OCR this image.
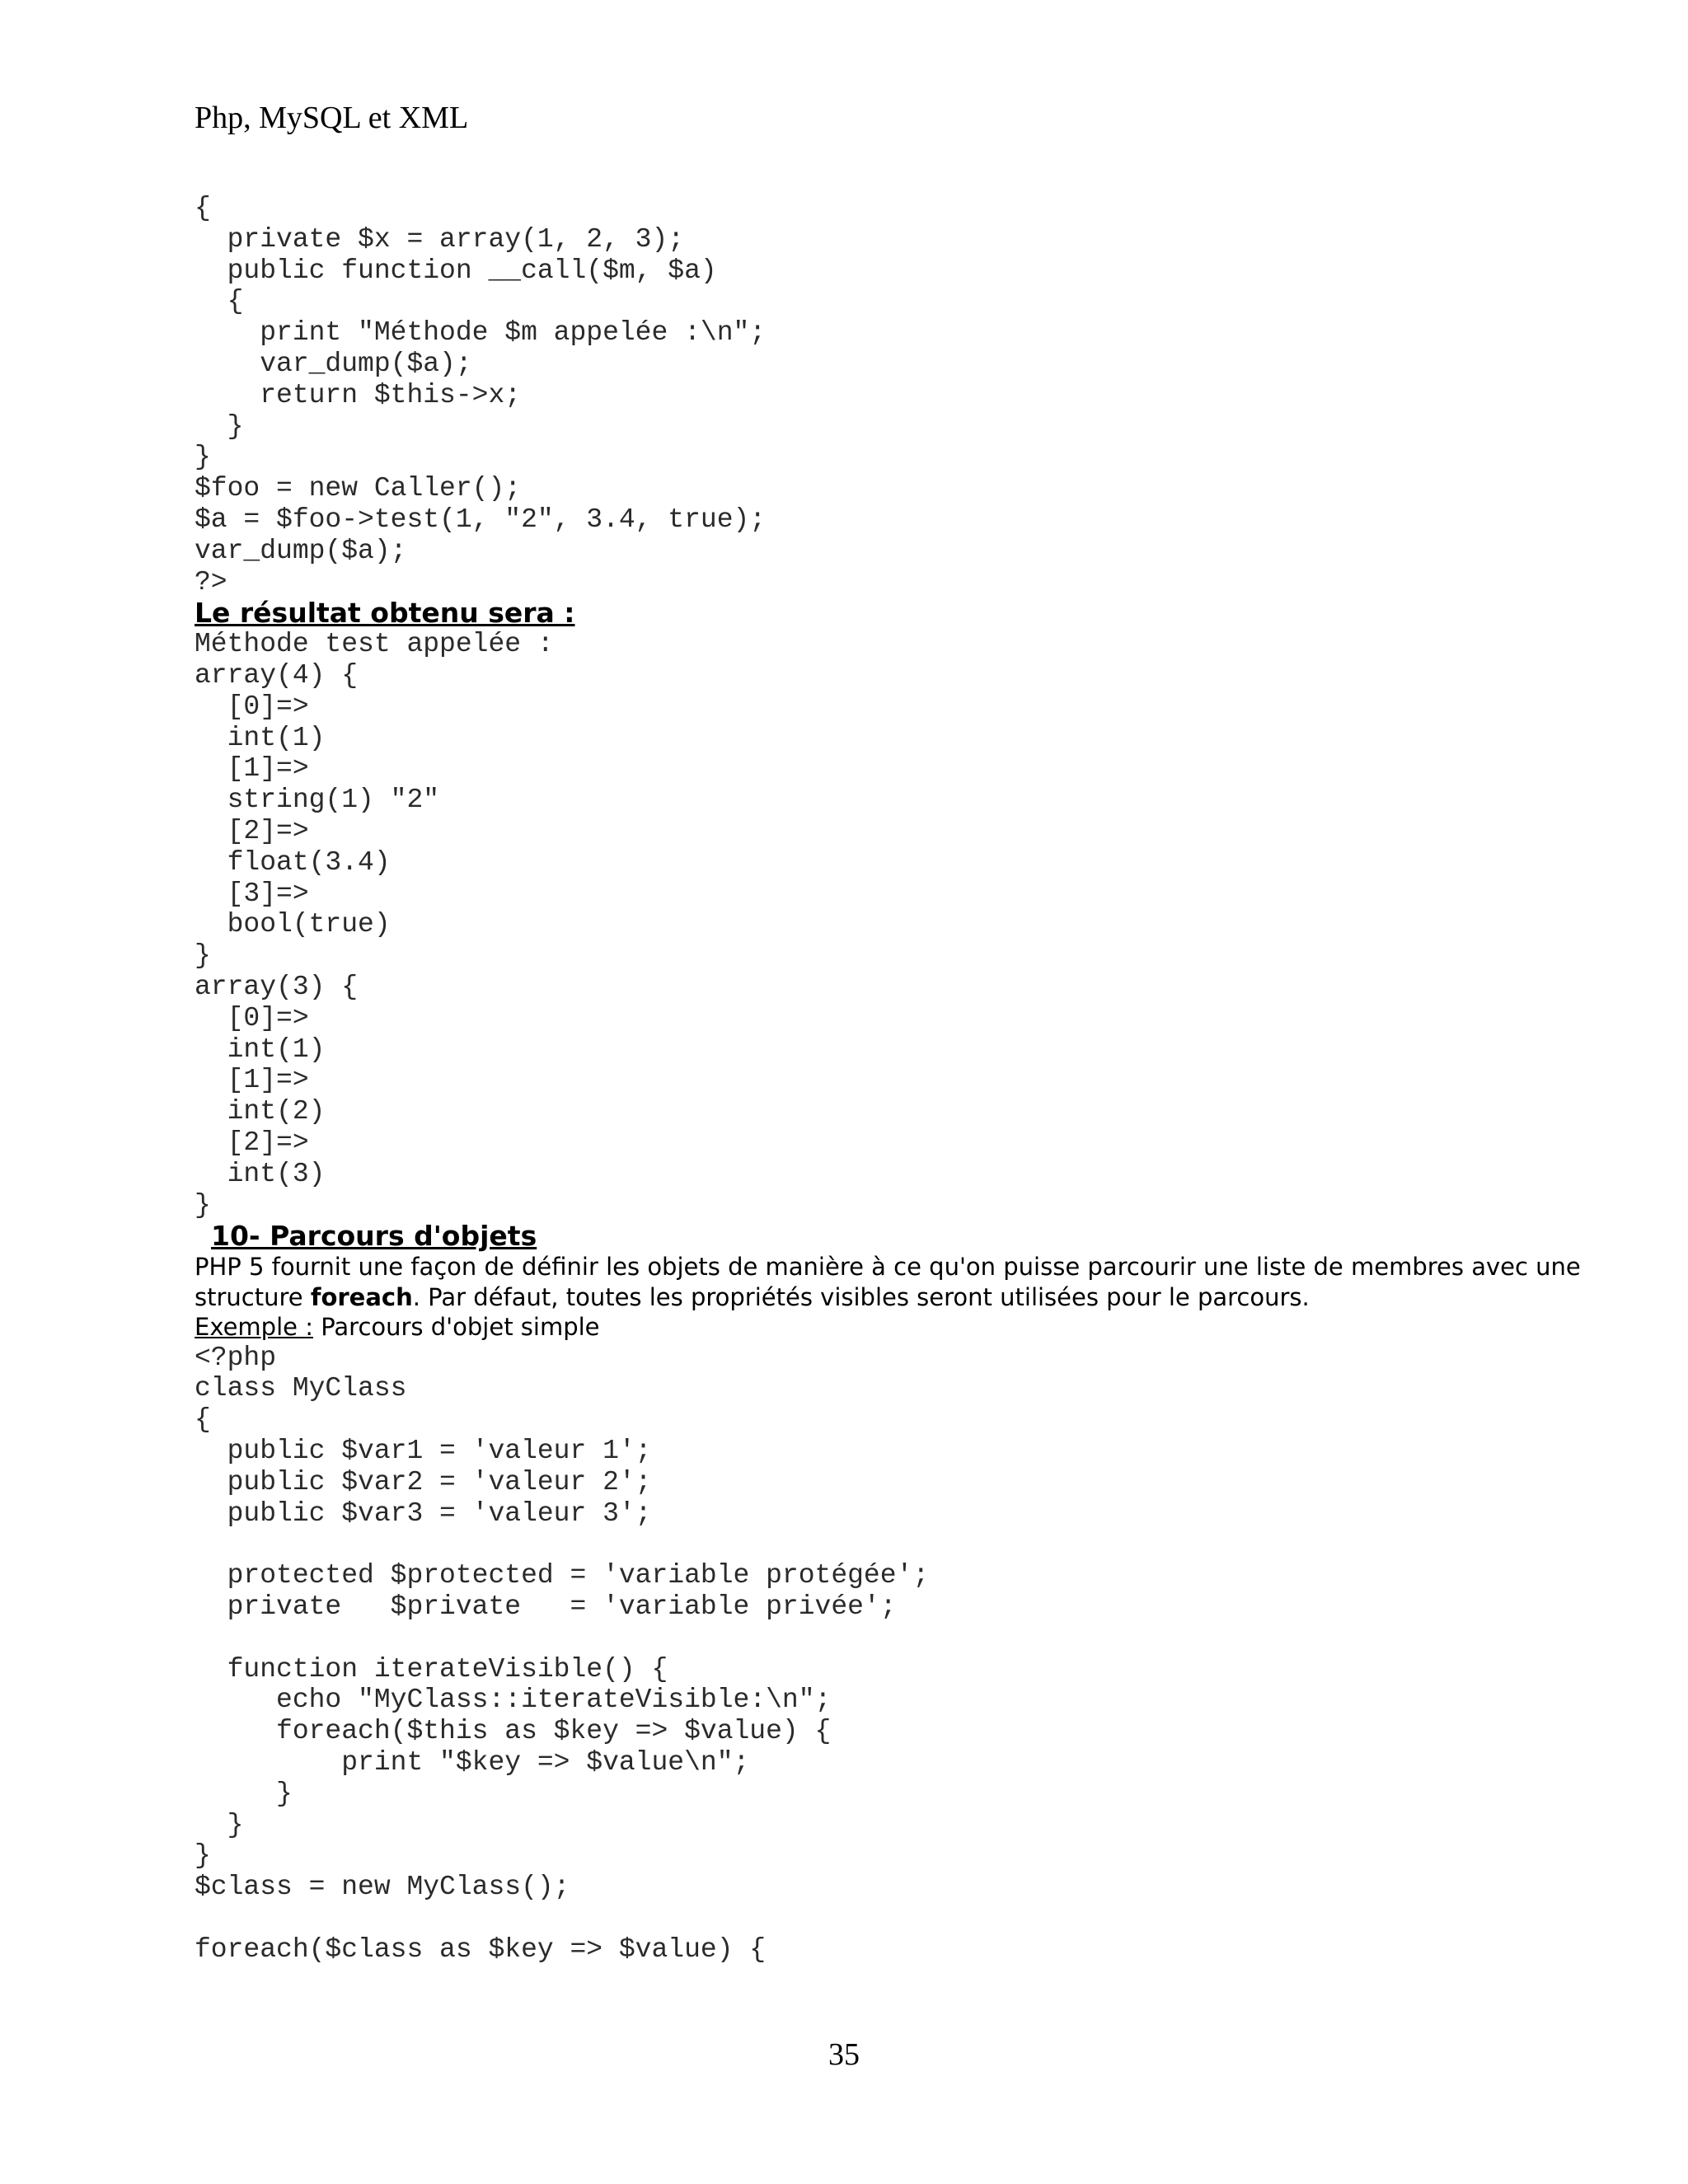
Php, MySQL et XML
{
private $x = array(1, 2, 3);
public function __call($m, $a)
{
print "Méthode $m appelée :\n";
var_dump($a);
return $this->x;
}
}
$foo = new Caller();
$a = $foo->test(1, "2", 3.4, true);
var_dump($a);
?>
Le résultat obtenu sera :
Méthode test appelée :
array(4) {
[0]=>
int(1)
[1]=>
string(1) "2"
[2]=>
float(3.4)
[3]=>
bool(true)
}
array(3) {
[0]=>
int(1)
[1]=>
int(2)
[2]=>
int(3)
}
10- Parcours d'objets
PHP 5 fournit une façon de définir les objets de manière à ce qu'on puisse parcourir une liste de membres avec une
structure foreach. Par défaut, toutes les propriétés visibles seront utilisées pour le parcours.
Exemple : Parcours d'objet simple
<?php
class MyClass
{
public $var1 = 'valeur 1';
public $var2 = 'valeur 2';
public $var3 = 'valeur 3';

protected $protected = 'variable protégée';
private   $private   = 'variable privée';

function iterateVisible() {
echo "MyClass::iterateVisible:\n";
foreach($this as $key => $value) {
print "$key => $value\n";
}
}
}
$class = new MyClass();

foreach($class as $key => $value) {
35
